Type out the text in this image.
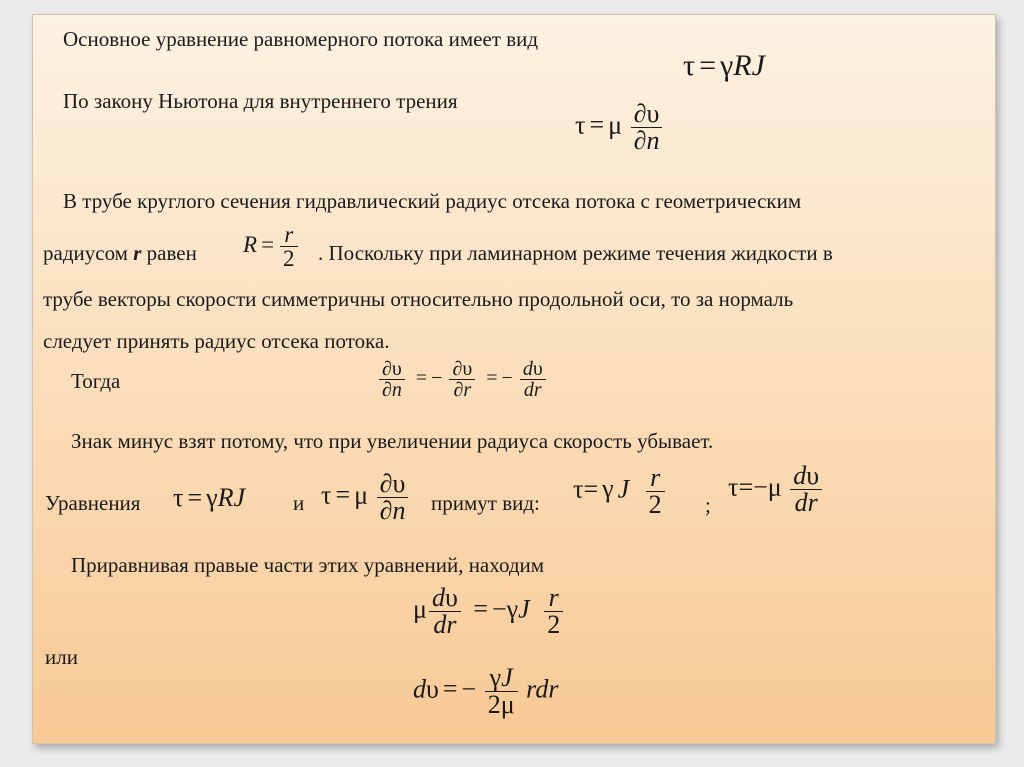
Основное уравнение равномерного потока имеет вид
τ = γRJ
По закону Ньютона для внутреннего трения
τ = μ $\frac{\partial\upsilon}{\partial n}$
В трубе круглого сечения гидравлический радиус отсека потока с геометрическим
радиусом r равен $R = \frac{r}{2}$ . Поскольку при ламинарном режиме течения жидкости в
трубе векторы скорости симметричны относительно продольной оси, то за нормаль
следует принять радиус отсека потока.
Тогда	$\frac{\partial\upsilon}{\partial n}$ = − $\frac{\partial\upsilon}{\partial r}$ = − $\frac{d\upsilon}{dr}$
Знак минус взят потому, что при увеличении радиуса скорость убывает.
Уравнения τ = γRJ и τ = μ $\frac{\partial\upsilon}{\partial n}$ примут вид: τ= γ J $\frac{r}{2}$ ;
$\tau=-\mu \frac{d\upsilon}{dr}$
Приравнивая правые части этих уравнений, находим
μ $\frac{d\upsilon}{dr} = -\gamma J \frac{r}{2}$
или
dυ = − $\frac{\gamma J}{2\mu}$ rdr
